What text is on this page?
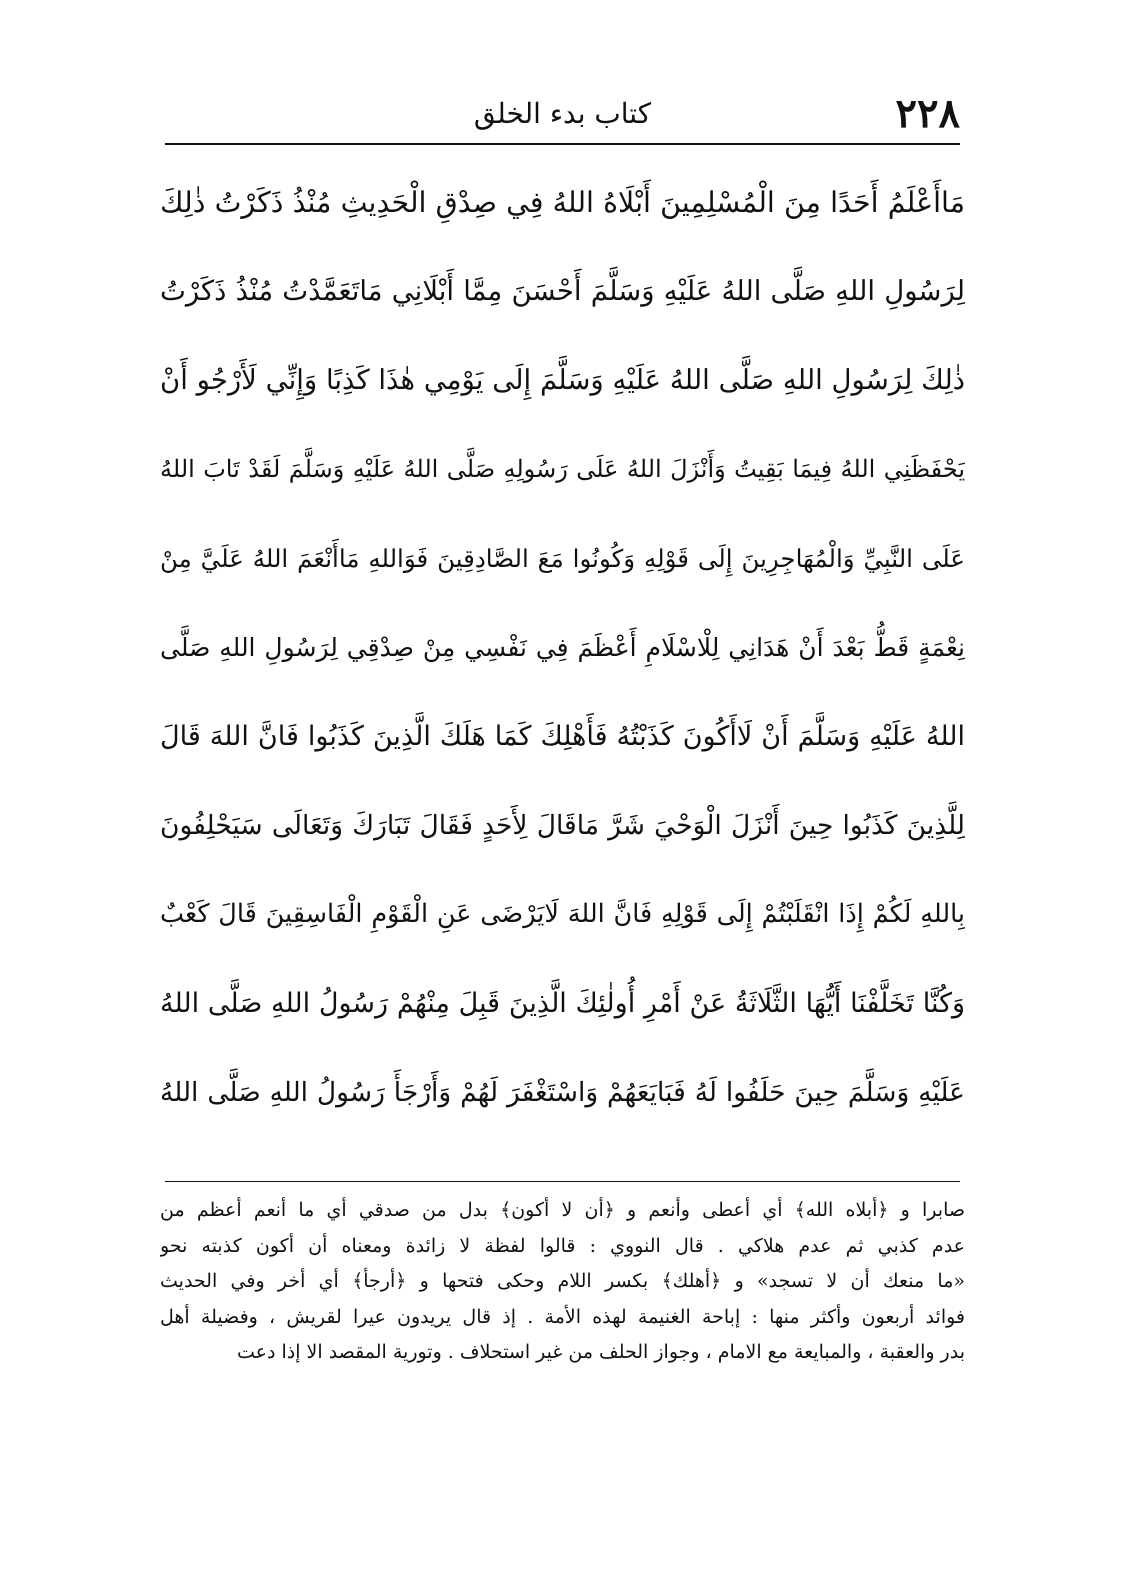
٢٢٨
كتاب بدء الخلق
مَاأَعْلَمُ أَحَدًا مِنَ الْمُسْلِمِينَ أَبْلَاهُ اللهُ فِي صِدْقِ الْحَدِيثِ مُنْذُ ذَكَرْتُ ذٰلِكَ
لِرَسُولِ اللهِ صَلَّى اللهُ عَلَيْهِ وَسَلَّمَ أَحْسَنَ مِمَّا أَبْلَانِي مَاتَعَمَّدْتُ مُنْذُ ذَكَرْتُ
ذٰلِكَ لِرَسُولِ اللهِ صَلَّى اللهُ عَلَيْهِ وَسَلَّمَ إِلَى يَوْمِي هٰذَا كَذِبًا وَإِنِّي لَأَرْجُو أَنْ
يَحْفَظَنِي اللهُ فِيمَا بَقِيتُ وَأَنْزَلَ اللهُ عَلَى رَسُولِهِ صَلَّى اللهُ عَلَيْهِ وَسَلَّمَ لَقَدْ تَابَ اللهُ
عَلَى النَّبِيِّ وَالْمُهَاجِرِينَ إِلَى قَوْلِهِ وَكُونُوا مَعَ الصَّادِقِينَ فَوَاللهِ مَاأَنْعَمَ اللهُ عَلَيَّ مِنْ
نِعْمَةٍ قَطُّ بَعْدَ أَنْ هَدَانِي لِلْاسْلَامِ أَعْظَمَ فِي نَفْسِي مِنْ صِدْقِي لِرَسُولِ اللهِ صَلَّى
اللهُ عَلَيْهِ وَسَلَّمَ أَنْ لَاأَكُونَ كَذَبْتُهُ فَأَهْلِكَ كَمَا هَلَكَ الَّذِينَ كَذَبُوا فَانَّ اللهَ قَالَ
لِلَّذِينَ كَذَبُوا حِينَ أَنْزَلَ الْوَحْيَ شَرَّ مَاقَالَ لِأَحَدٍ فَقَالَ تَبَارَكَ وَتَعَالَى سَيَحْلِفُونَ
بِاللهِ لَكُمْ إِذَا انْقَلَبْتُمْ إِلَى قَوْلِهِ فَانَّ اللهَ لَايَرْضَى عَنِ الْقَوْمِ الْفَاسِقِينَ قَالَ كَعْبٌ
وَكُنَّا تَخَلَّفْنَا أَيُّهَا الثَّلَاثَةُ عَنْ أَمْرِ أُولٰئِكَ الَّذِينَ قَبِلَ مِنْهُمْ رَسُولُ اللهِ صَلَّى اللهُ
عَلَيْهِ وَسَلَّمَ حِينَ حَلَفُوا لَهُ فَبَايَعَهُمْ وَاسْتَغْفَرَ لَهُمْ وَأَرْجَأَ رَسُولُ اللهِ صَلَّى اللهُ
صابرا و ﴿أبلاه الله﴾ أي أعطى وأنعم و ﴿أن لا أكون﴾ بدل من صدقي أي ما أنعم أعظم من
عدم كذبي ثم عدم هلاكي . قال النووي : قالوا لفظة لا زائدة ومعناه أن أكون كذبته نحو
«ما منعك أن لا تسجد» و ﴿أهلك﴾ بكسر اللام وحكى فتحها و ﴿أرجأ﴾ أي أخر وفي الحديث
فوائد أربعون وأكثر منها : إباحة الغنيمة لهذه الأمة . إذ قال يريدون عيرا لقريش ، وفضيلة أهل
بدر والعقبة ، والمبايعة مع الامام ، وجواز الحلف من غير استحلاف . وتورية المقصد الا إذا دعت
